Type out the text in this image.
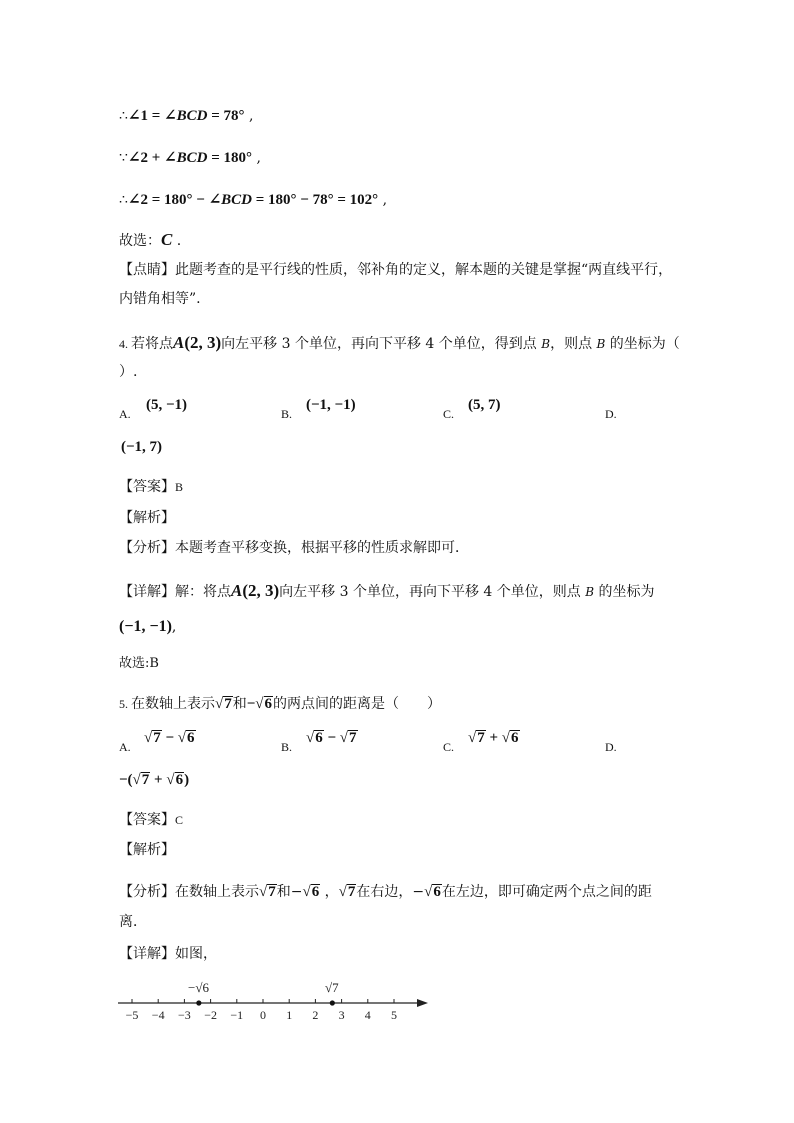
∴∠1 = ∠BCD = 78° ,
∵∠2 + ∠BCD = 180° ,
∴∠2 = 180° − ∠BCD = 180° − 78° = 102° ,
故选：C .
【点睛】此题考查的是平行线的性质，邻补角的定义，解本题的关键是掌握“两直线平行，
内错角相等”.
4. 若将点A(2, 3)向左平移 3 个单位，再向下平移 4 个单位，得到点 B，则点 B 的坐标为（
）.
A.
(5, −1)
B.
(−1, −1)
C.
(5, 7)
D.
(−1, 7)
【答案】B
【解析】
【分析】本题考查平移变换，根据平移的性质求解即可．
【详解】解：将点A(2, 3)向左平移 3 个单位，再向下平移 4 个单位，则点 B 的坐标为
(−1, −1),
故选:B
5. 在数轴上表示√7和−√6的两点间的距离是（　　）
A.
√7 − √6
B.
√6 − √7
C.
√7 + √6
D.
−(√7 + √6)
【答案】C
【解析】
【分析】在数轴上表示√7和−√6 ，√7在右边，−√6在左边，即可确定两个点之间的距
离．
【详解】如图，
−5 −4 −3 −2 −1 0 1 2 3 4 5
−√6	√7
